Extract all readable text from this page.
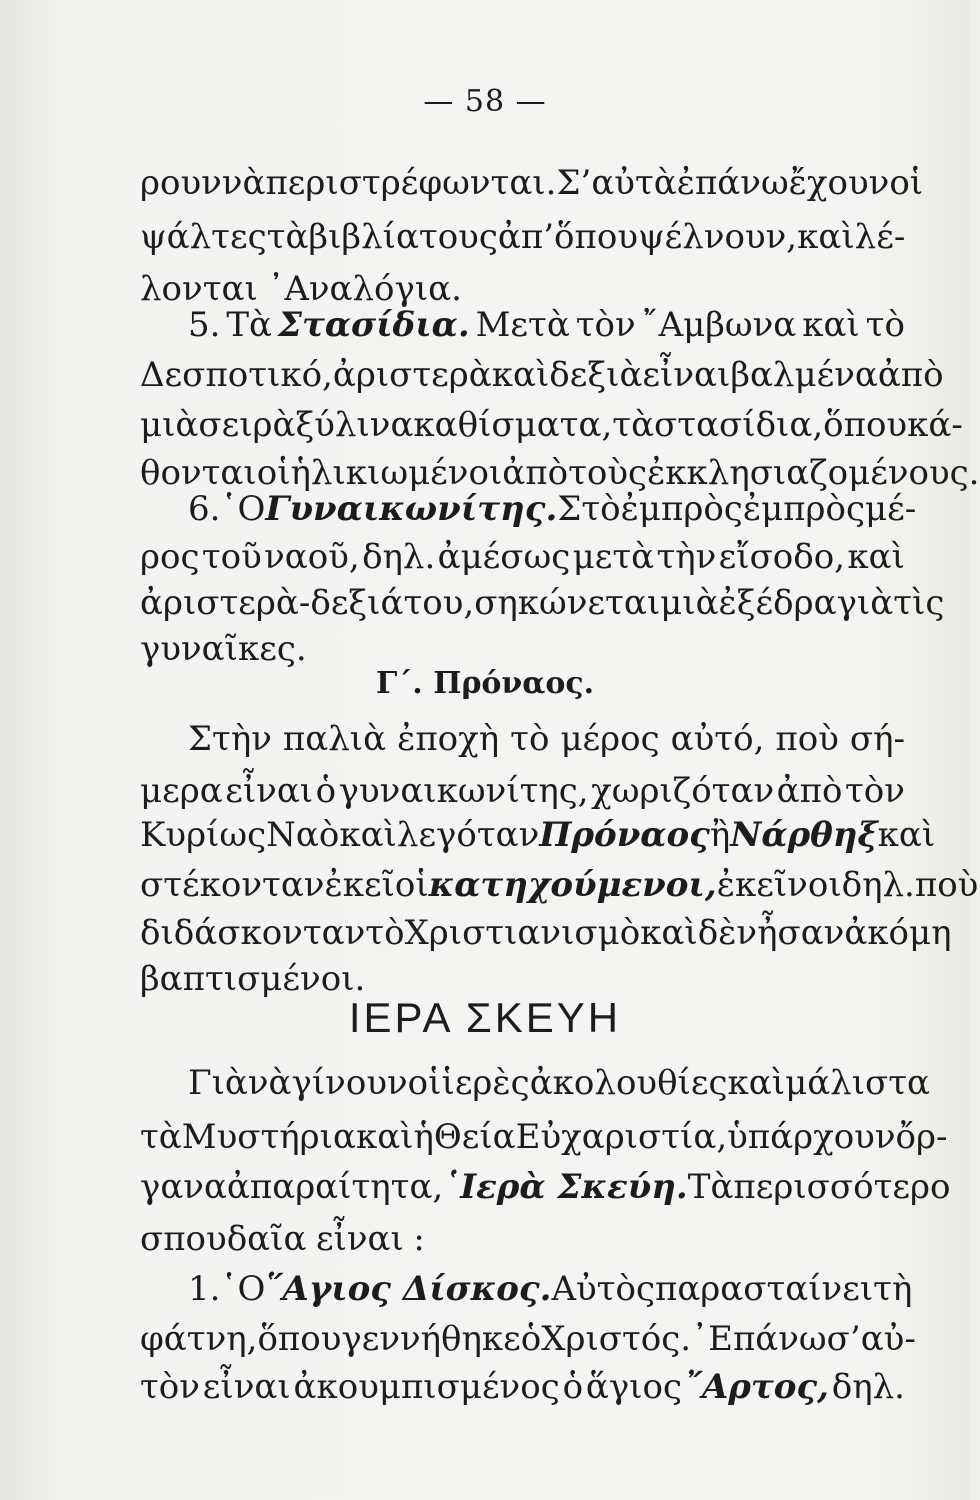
— 58 —
ρουν νὰ περιστρέφωνται. Σ’ αὐτὰ ἐπάνω ἔχουν οἱ
ψάλτες τὰ βιβλία τους ἀπ’ ὅπου ψέλνουν, καὶ λέ-
λονται ᾿Αναλόγια.
5. Τὰ Στασίδια. Μετὰ τὸν ῎Αμβωνα καὶ τὸ
Δεσποτικό, ἀριστερὰ καὶ δεξιὰ εἶναι βαλμένα ἀπὸ
μιὰ σειρὰ ξύλινα καθίσματα, τὰ στασίδια, ὅπου κά-
θονται οἱ ἡλικιωμένοι ἀπὸ τοὺς ἐκκλησιαζομένους.
6. ῾Ο Γυναικωνίτης. Στὸ ἐμπρὸς ἐμπρὸς μέ-
ρος τοῦ ναοῦ, δηλ. ἀμέσως μετὰ τὴν εἴσοδο, καὶ
ἀριστερὰ-δεξιά του, σηκώνεται μιὰ ἐξέδρα γιὰ τὶς
γυναῖκες.
Γ΄. Πρόναος.
Στὴν παλιὰ ἐποχὴ τὸ μέρος αὐτό, ποὺ σή-
μερα εἶναι ὁ γυναικωνίτης, χωριζόταν ἀπὸ τὸν
Κυρίως Ναὸ καὶ λεγόταν Πρόναος ἢ Νάρθηξ καὶ
στέκονταν ἐκεῖ οἱ κατηχούμενοι, ἐκεῖνοι δηλ. ποὺ
διδάσκονταν τὸ Χριστιανισμὸ καὶ δὲν ἦσαν ἀκόμη
βαπτισμένοι.
ΙΕΡΑ ΣΚΕΥΗ
Γιὰ νὰ γίνουν οἱ ἱερὲς ἀκολουθίες καὶ μάλιστα
τὰ Μυστήρια καὶ ἡ Θεία Εὐχαριστία, ὑπάρχουν ὄρ-
γανα ἀπαραίτητα, ῾Ιερὰ Σκεύη. Τὰ περισσότερο
σπουδαῖα εἶναι :
1. ῾Ο ῞Αγιος Δίσκος. Αὐτὸς παρασταίνει τὴ
φάτνη, ὅπου γεννήθηκε ὁ Χριστός. ᾿Επάνω σ’ αὐ-
τὸν εἶναι ἀκουμπισμένος ὁ ἅγιος ῎Αρτος, δηλ.
